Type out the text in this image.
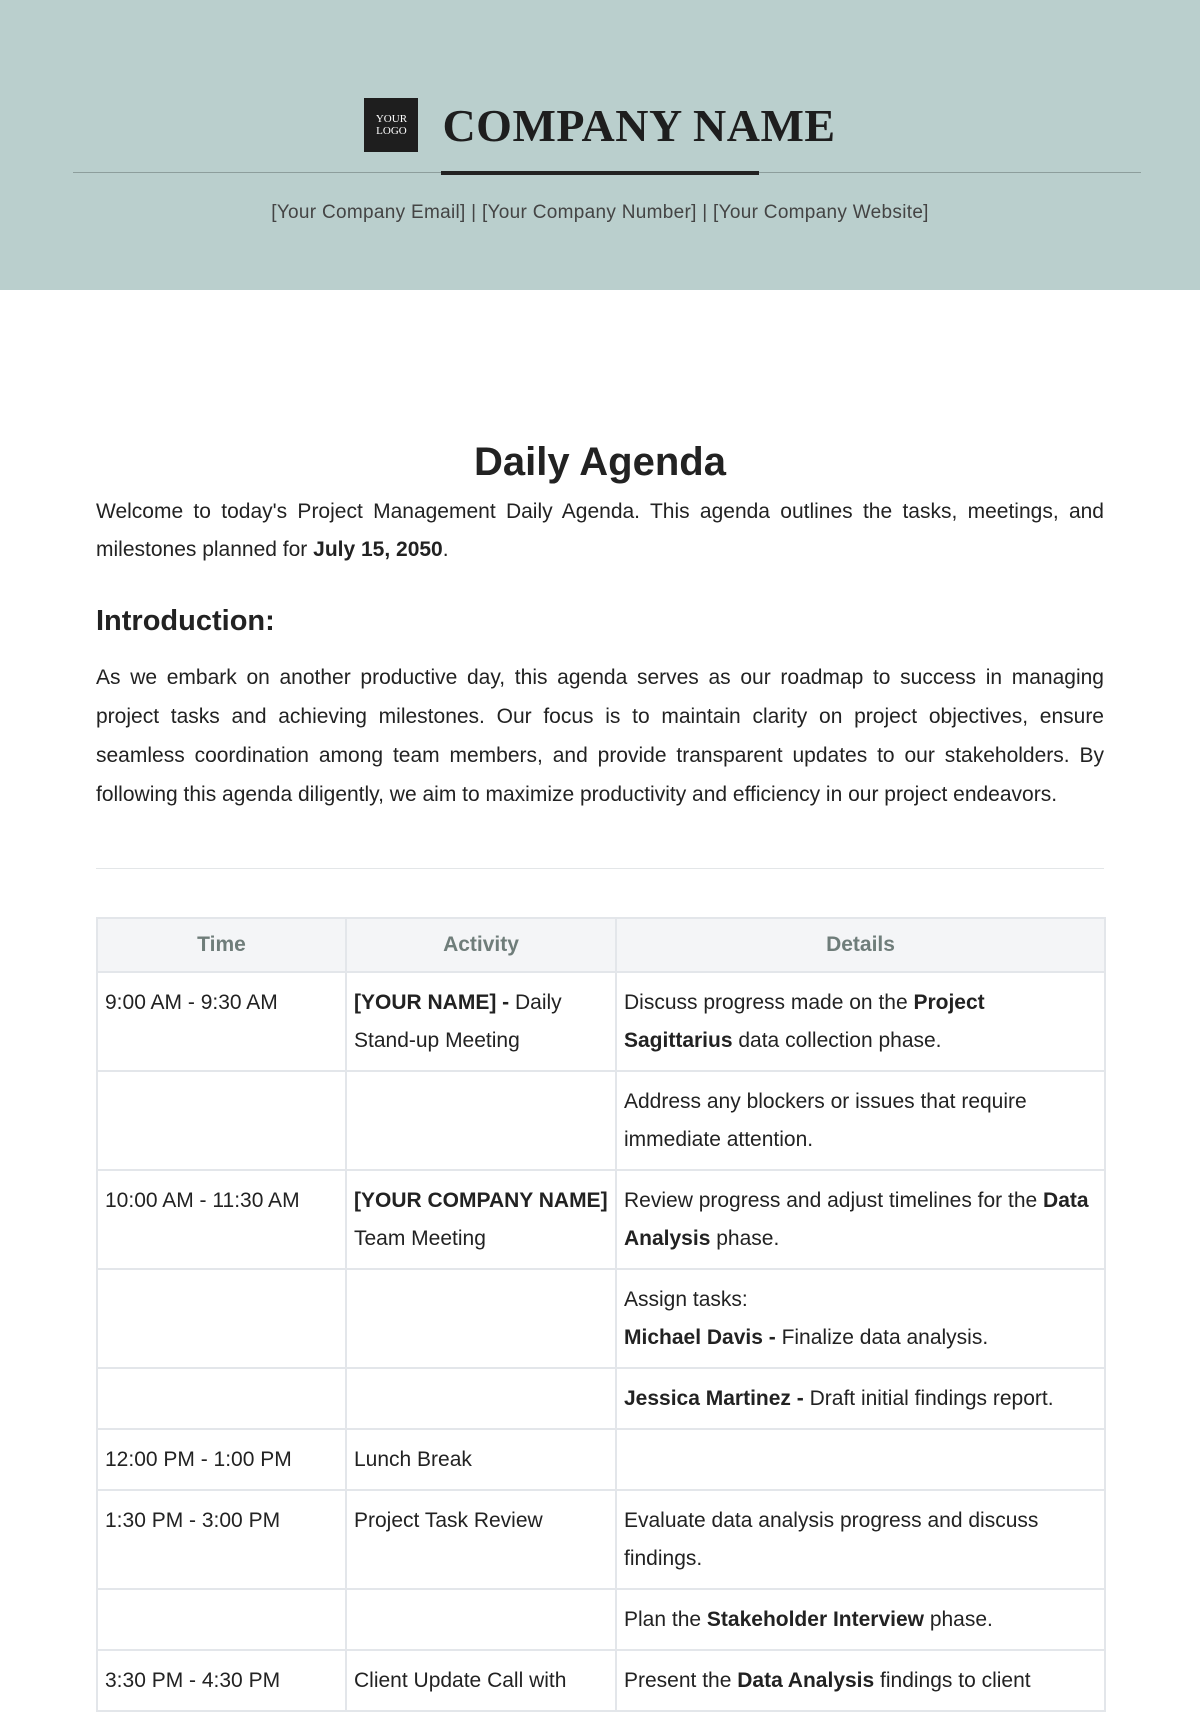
YOUR
LOGO COMPANY NAME
[Your Company Email] | [Your Company Number] | [Your Company Website]
Daily Agenda

Welcome to today's Project Management Daily Agenda. This agenda outlines the tasks, meetings, and milestones planned for July 15, 2050.

Introduction:

As we embark on another productive day, this agenda serves as our roadmap to success in managing project tasks and achieving milestones. Our focus is to maintain clarity on project objectives, ensure seamless coordination among team members, and provide transparent updates to our stakeholders. By following this agenda diligently, we aim to maximize productivity and efficiency in our project endeavors.

Time	Activity	Details
9:00 AM - 9:30 AM	[YOUR NAME] - Daily Stand-up Meeting	Discuss progress made on the Project Sagittarius data collection phase.
		Address any blockers or issues that require immediate attention.
10:00 AM - 11:30 AM	[YOUR COMPANY NAME] Team Meeting	Review progress and adjust timelines for the Data Analysis phase.
		Assign tasks:
Michael Davis - Finalize data analysis.
		Jessica Martinez - Draft initial findings report.
12:00 PM - 1:00 PM	Lunch Break	
1:30 PM - 3:00 PM	Project Task Review	Evaluate data analysis progress and discuss findings.
		Plan the Stakeholder Interview phase.
3:30 PM - 4:30 PM	Client Update Call with	Present the Data Analysis findings to client
